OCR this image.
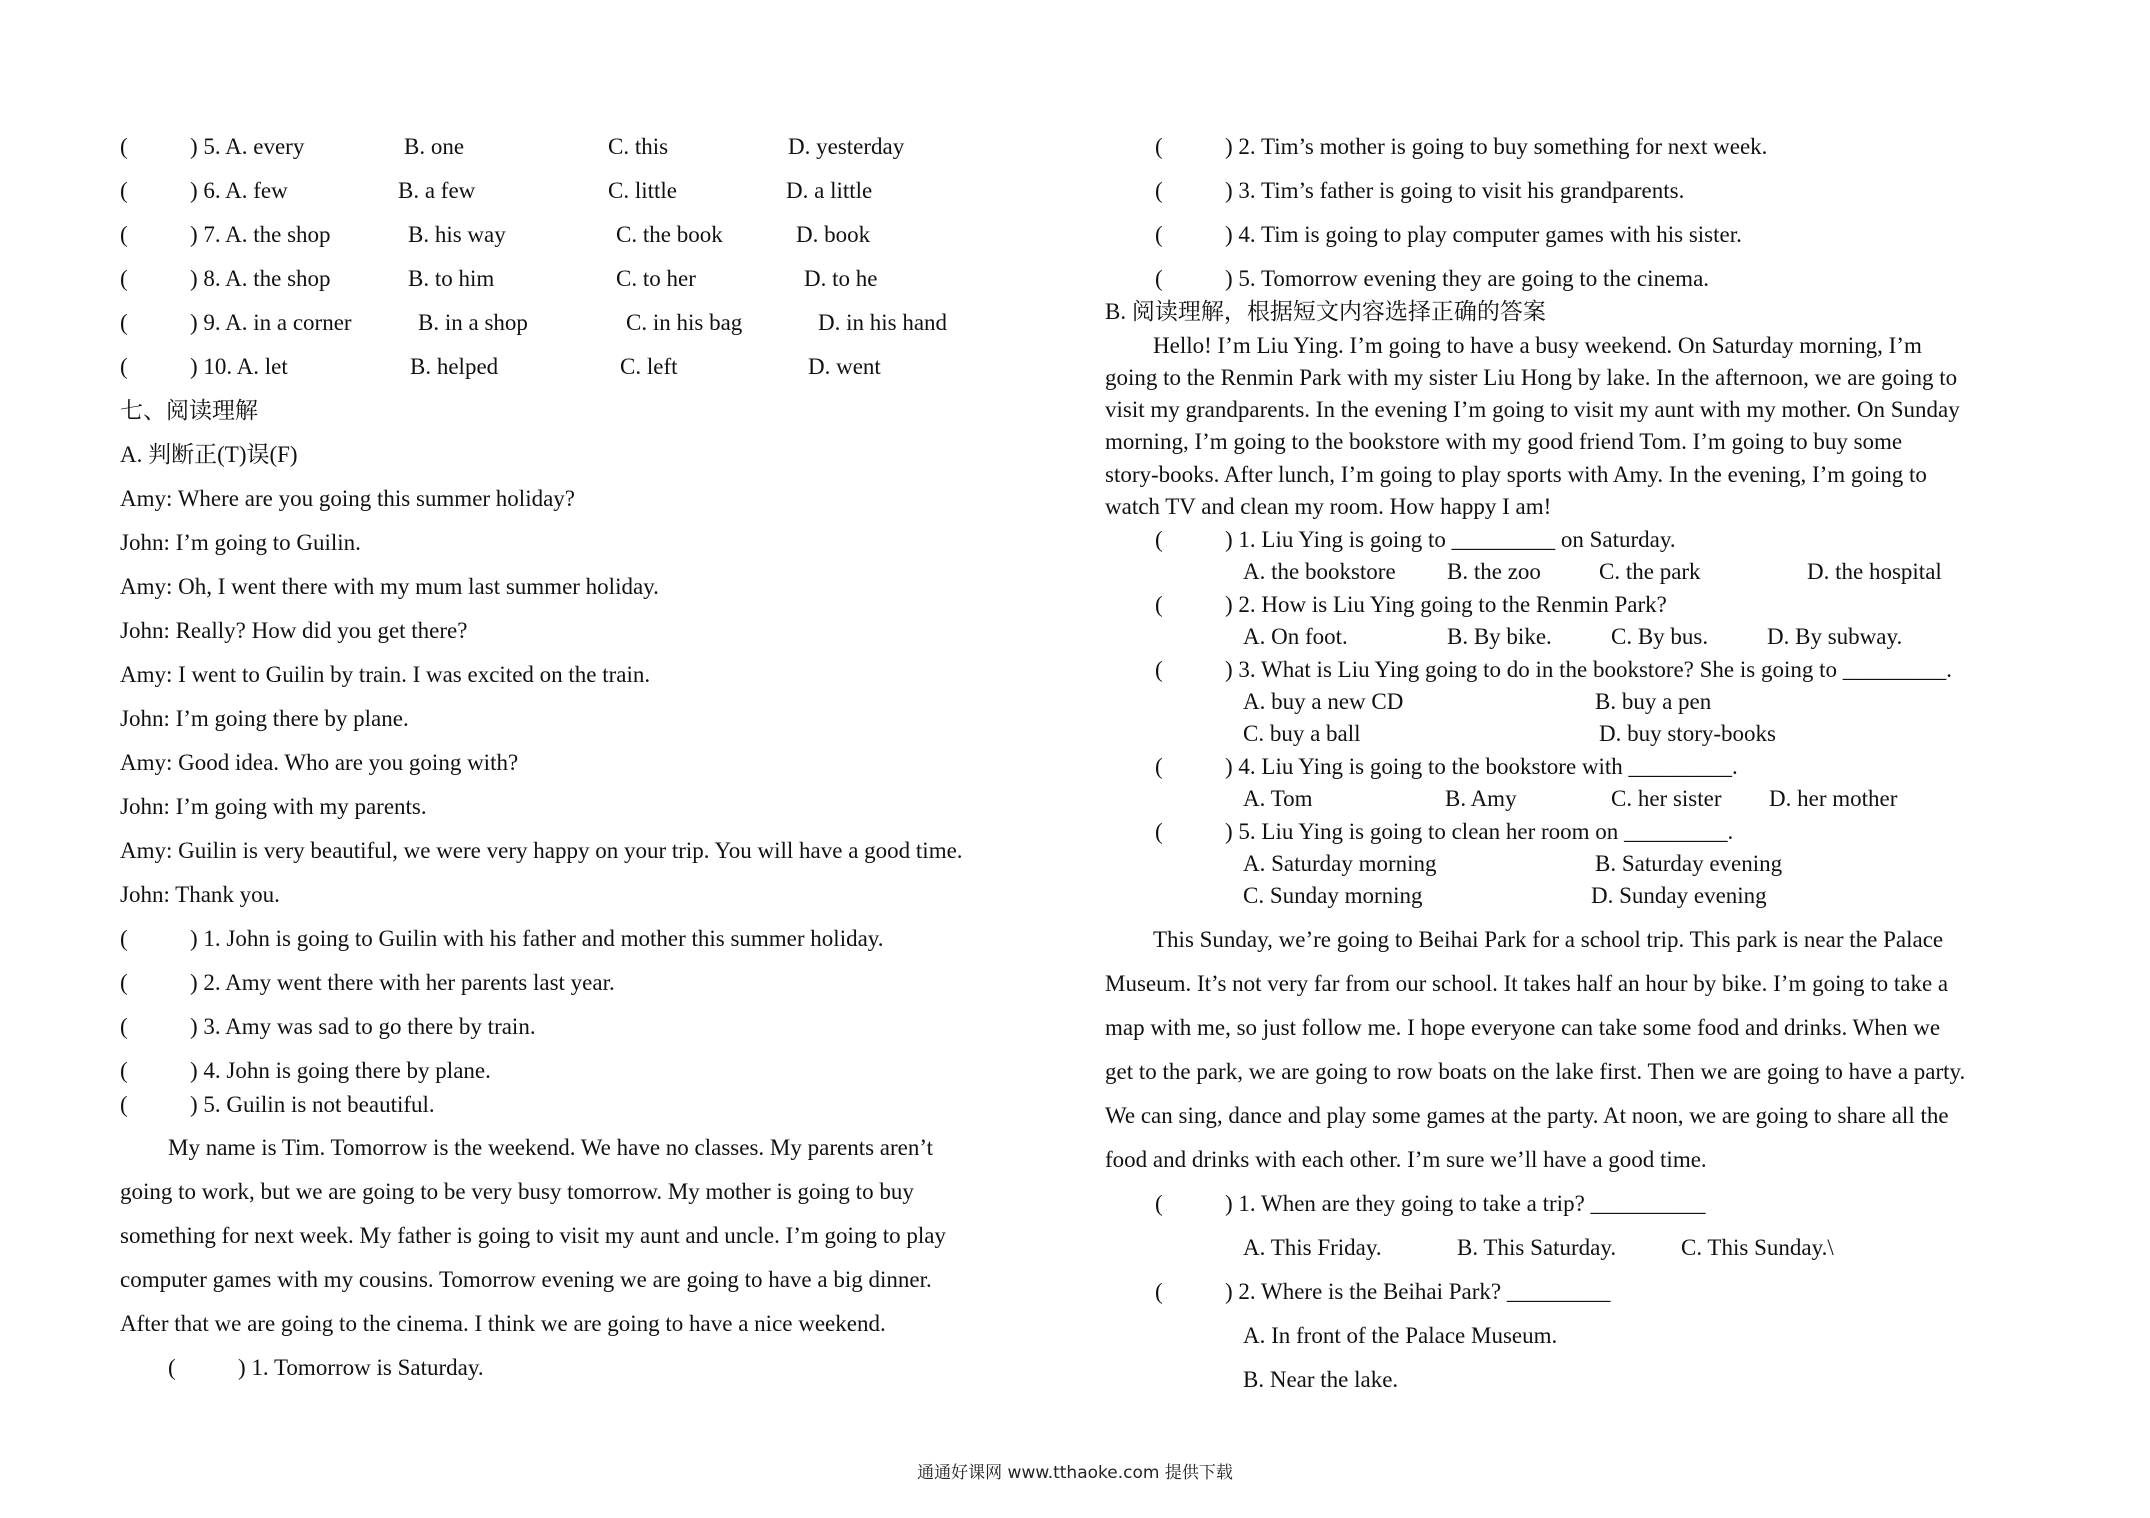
(	) 5. A. every	B. one	C. this	D. yesterday
(	) 6. A. few	B. a few	C. little	D. a little
(	) 7. A. the shop	B. his way	C. the book	D. book
(	) 8. A. the shop	B. to him	C. to her	D. to he
(	) 9. A. in a corner	B. in a shop	C. in his bag	D. in his hand
(	) 10. A. let	B. helped	C. left	D. went
七、阅读理解
A. 判断正(T)误(F)
Amy: Where are you going this summer holiday?
John: I’m going to Guilin.
Amy: Oh, I went there with my mum last summer holiday.
John: Really? How did you get there?
Amy: I went to Guilin by train. I was excited on the train.
John: I’m going there by plane.
Amy: Good idea. Who are you going with?
John: I’m going with my parents.
Amy: Guilin is very beautiful, we were very happy on your trip. You will have a good time.
John: Thank you.
(	) 1. John is going to Guilin with his father and mother this summer holiday.
(	) 2. Amy went there with her parents last year.
(	) 3. Amy was sad to go there by train.
(	) 4. John is going there by plane.
(	) 5. Guilin is not beautiful.
My name is Tim. Tomorrow is the weekend. We have no classes. My parents aren’t
going to work, but we are going to be very busy tomorrow. My mother is going to buy
something for next week. My father is going to visit my aunt and uncle. I’m going to play
computer games with my cousins. Tomorrow evening we are going to have a big dinner.
After that we are going to the cinema. I think we are going to have a nice weekend.
(	) 1. Tomorrow is Saturday.
(	) 2. Tim’s mother is going to buy something for next week.
(	) 3. Tim’s father is going to visit his grandparents.
(	) 4. Tim is going to play computer games with his sister.
(	) 5. Tomorrow evening they are going to the cinema.
B. 阅读理解，根据短文内容选择正确的答案
Hello! I’m Liu Ying. I’m going to have a busy weekend. On Saturday morning, I’m
going to the Renmin Park with my sister Liu Hong by lake. In the afternoon, we are going to
visit my grandparents. In the evening I’m going to visit my aunt with my mother. On Sunday
morning, I’m going to the bookstore with my good friend Tom. I’m going to buy some
story-books. After lunch, I’m going to play sports with Amy. In the evening, I’m going to
watch TV and clean my room. How happy I am!
(	) 1. Liu Ying is going to _________ on Saturday.
A. the bookstore B. the zoo	C. the park	D. the hospital
(	) 2. How is Liu Ying going to the Renmin Park?
A. On foot.	B. By bike.	C. By bus.	D. By subway.
(	) 3. What is Liu Ying going to do in the bookstore? She is going to _________.
A. buy a new CD	B. buy a pen
C. buy a ball	D. buy story-books
(	) 4. Liu Ying is going to the bookstore with _________.
A. Tom	B. Amy	C. her sister D. her mother
(	) 5. Liu Ying is going to clean her room on _________.
A. Saturday morning	B. Saturday evening
C. Sunday morning	D. Sunday evening
This Sunday, we’re going to Beihai Park for a school trip. This park is near the Palace
Museum. It’s not very far from our school. It takes half an hour by bike. I’m going to take a
map with me, so just follow me. I hope everyone can take some food and drinks. When we
get to the park, we are going to row boats on the lake first. Then we are going to have a party.
We can sing, dance and play some games at the party. At noon, we are going to share all the
food and drinks with each other. I’m sure we’ll have a good time.
(	) 1. When are they going to take a trip? __________
A. This Friday.	B. This Saturday.	C. This Sunday.\
(	) 2. Where is the Beihai Park? _________
A. In front of the Palace Museum.
B. Near the lake.
通通好课网 www.tthaoke.com 提供下载
